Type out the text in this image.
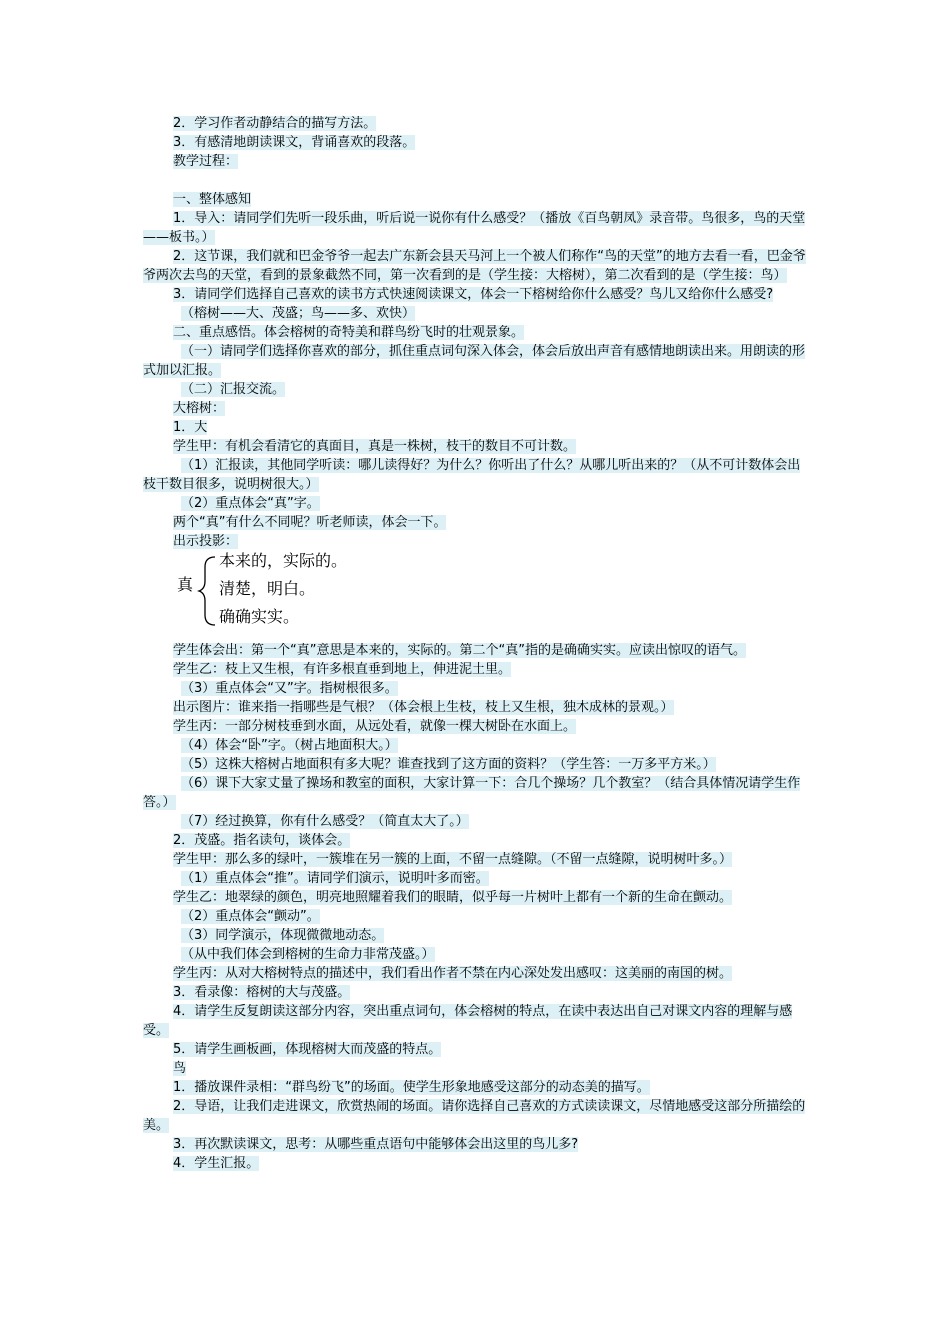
2．学习作者动静结合的描写方法。

3．有感清地朗读课文，背诵喜欢的段落。

教学过程：

一、整体感知

1．导入：请同学们先听一段乐曲，听后说一说你有什么感受？（播放《百鸟朝凤》录音带。鸟很多，鸟的天堂——板书。）

2．这节课，我们就和巴金爷爷一起去广东新会县天马河上一个被人们称作“鸟的天堂”的地方去看一看，巴金爷爷两次去鸟的天堂，看到的景象截然不同，第一次看到的是（学生接：大榕树），第二次看到的是（学生接：鸟）

3．请同学们选择自己喜欢的读书方式快速阅读课文，体会一下榕树给你什么感受？鸟儿又给你什么感受?

（榕树——大、茂盛；鸟——多、欢快）

二、重点感悟。体会榕树的奇特美和群鸟纷飞时的壮观景象。

（一）请同学们选择你喜欢的部分，抓住重点词句深入体会，体会后放出声音有感情地朗读出来。用朗读的形式加以汇报。

（二）汇报交流。

大榕树：

1．大

学生甲：有机会看清它的真面目，真是一株树，枝干的数目不可计数。

（1）汇报读，其他同学听读：哪儿读得好？为什么？你听出了什么？从哪儿听出来的？（从不可计数体会出枝干数目很多，说明树很大。）

（2）重点体会“真”字。

两个“真”有什么不同呢？听老师读，体会一下。

出示投影：

真
本来的，实际的。
清楚，明白。
确确实实。

学生体会出：第一个“真”意思是本来的，实际的。第二个“真”指的是确确实实。应读出惊叹的语气。

学生乙：枝上又生根，有许多根直垂到地上，伸进泥土里。

（3）重点体会“又”字。指树根很多。

出示图片：谁来指一指哪些是气根？（体会根上生枝，枝上又生根，独木成林的景观。）

学生丙：一部分树枝垂到水面，从远处看，就像一棵大树卧在水面上。

（4）体会“卧”字。（树占地面积大。）

（5）这株大榕树占地面积有多大呢？谁查找到了这方面的资料？（学生答：一万多平方米。）

（6）课下大家丈量了操场和教室的面积，大家计算一下：合几个操场？几个教室？（结合具体情况请学生作答。）

（7）经过换算，你有什么感受？（简直太大了。）

2．茂盛。指名读句，谈体会。

学生甲：那么多的绿叶，一簇堆在另一簇的上面，不留一点缝隙。（不留一点缝隙，说明树叶多。）

（1）重点体会“推”。请同学们演示，说明叶多而密。

学生乙：地翠绿的颜色，明亮地照耀着我们的眼睛，似乎每一片树叶上都有一个新的生命在颤动。

（2）重点体会“颤动”。

（3）同学演示，体现微微地动态。

（从中我们体会到榕树的生命力非常茂盛。）

学生丙：从对大榕树特点的描述中，我们看出作者不禁在内心深处发出感叹：这美丽的南国的树。

3．看录像：榕树的大与茂盛。

4．请学生反复朗读这部分内容，突出重点词句，体会榕树的特点，在读中表达出自己对课文内容的理解与感受。

5．请学生画板画，体现榕树大而茂盛的特点。

鸟

1．播放课件录相：“群鸟纷飞”的场面。使学生形象地感受这部分的动态美的描写。

2．导语，让我们走进课文，欣赏热闹的场面。请你选择自己喜欢的方式读读课文，尽情地感受这部分所描绘的美。

3．再次默读课文，思考：从哪些重点语句中能够体会出这里的鸟儿多?

4．学生汇报。
